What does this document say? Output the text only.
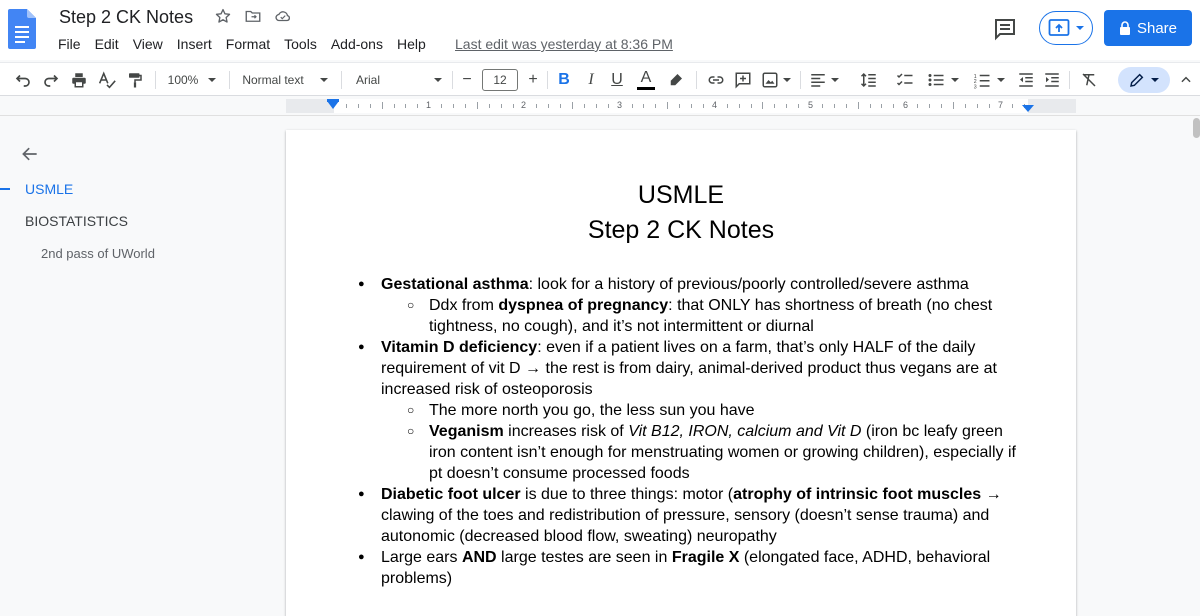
Step 2 CK Notes
File	Edit	View	Insert	Format	Tools	Add-ons	Help	Last edit was yesterday at 8:36 PM
Share
100%	Normal text	Arial	−	12	+	B	I	U	A	1
2
3
1	2	3	4	5	6	7
USMLE
BIOSTATISTICS
2nd pass of UWorld
USMLE
Step 2 CK Notes
● Gestational asthma: look for a history of previous/poorly controlled/severe asthma
○ Ddx from dyspnea of pregnancy: that ONLY has shortness of breath (no chest tightness, no cough), and it’s not intermittent or diurnal
● Vitamin D deficiency: even if a patient lives on a farm, that’s only HALF of the daily requirement of vit D → the rest is from dairy, animal-derived product thus vegans are at increased risk of osteoporosis
○ The more north you go, the less sun you have
○ Veganism increases risk of Vit B12, IRON, calcium and Vit D (iron bc leafy green iron content isn’t enough for menstruating women or growing children), especially if pt doesn’t consume processed foods
● Diabetic foot ulcer is due to three things: motor (atrophy of intrinsic foot muscles → clawing of the toes and redistribution of pressure, sensory (doesn’t sense trauma) and autonomic (decreased blood flow, sweating) neuropathy
● Large ears AND large testes are seen in Fragile X (elongated face, ADHD, behavioral problems)
